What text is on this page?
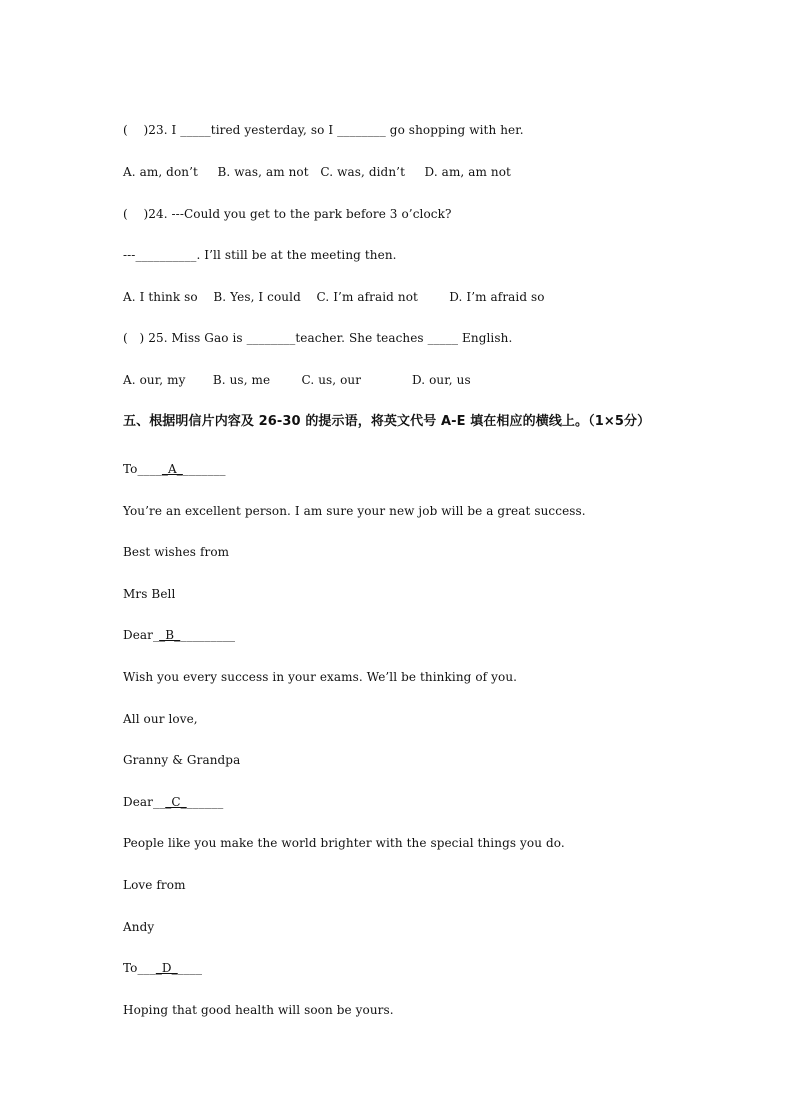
(    )23. I _____tired yesterday, so I ________ go shopping with her.
A. am, don’t     B. was, am not   C. was, didn’t     D. am, am not
(    )24. ---Could you get to the park before 3 o’clock?
---__________. I’ll still be at the meeting then.
A. I think so    B. Yes, I could    C. I’m afraid not        D. I’m afraid so
(   ) 25. Miss Gao is ________teacher. She teaches _____ English.
A. our, my       B. us, me        C. us, our             D. our, us
五、根据明信片内容及 26-30 的提示语，将英文代号 A-E 填在相应的横线上。（1×5分）
To_____A________
You’re an excellent person. I am sure your new job will be a great success.
Best wishes from
Mrs Bell
Dear__B__________
Wish you every success in your exams. We’ll be thinking of you.
All our love,
Granny & Grandpa
Dear___C_______
People like you make the world brighter with the special things you do.
Love from
Andy
To____D_____
Hoping that good health will soon be yours.
